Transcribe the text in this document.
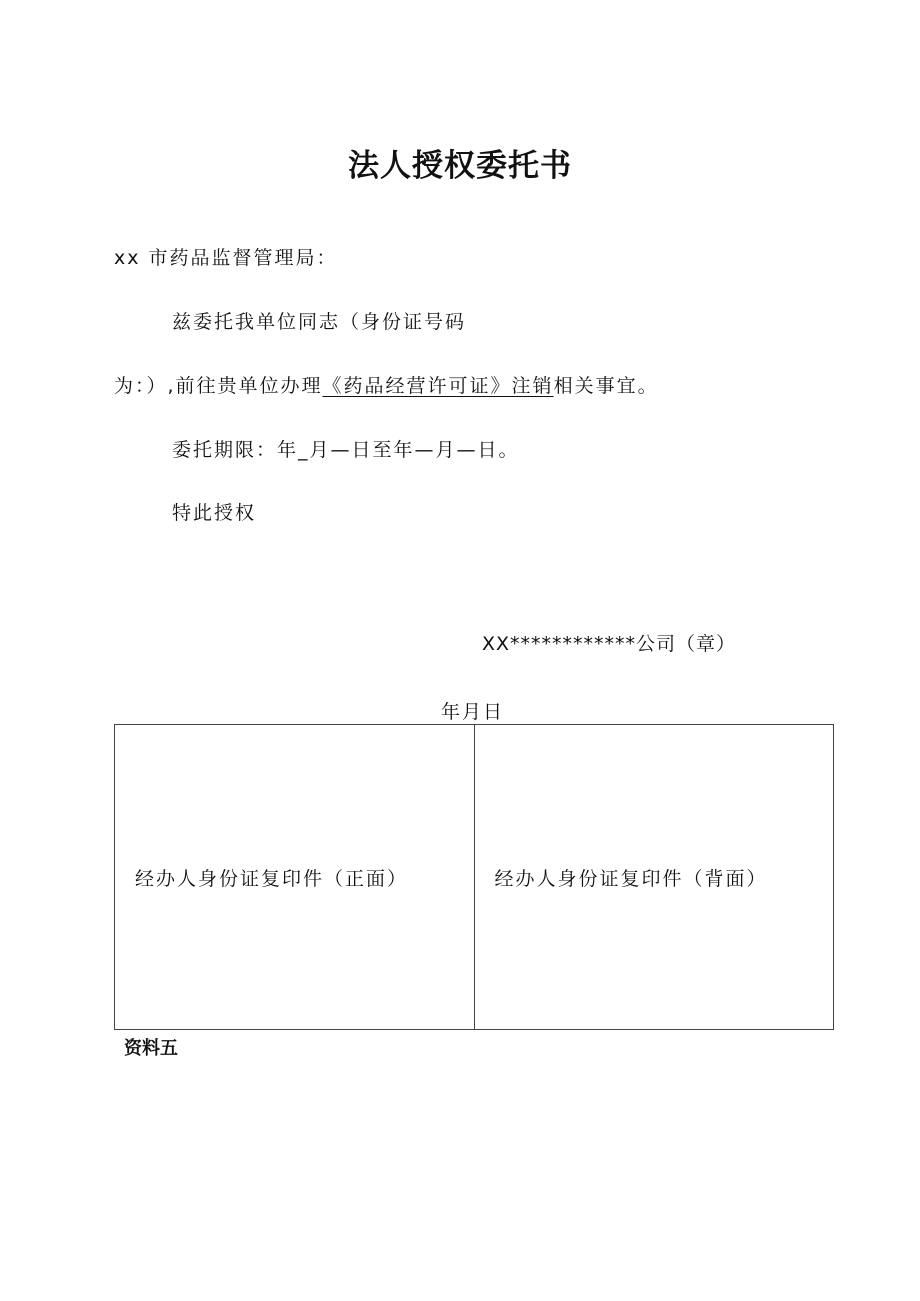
法人授权委托书
xx 市药品监督管理局：
兹委托我单位同志（身份证号码
为：）,前往贵单位办理《药品经营许可证》注销相关事宜。
委托期限：年_月—日至年—月—日。
特此授权
XX************公司（章）
年月日
经办人身份证复印件（正面）	经办人身份证复印件（背面）
资料五
